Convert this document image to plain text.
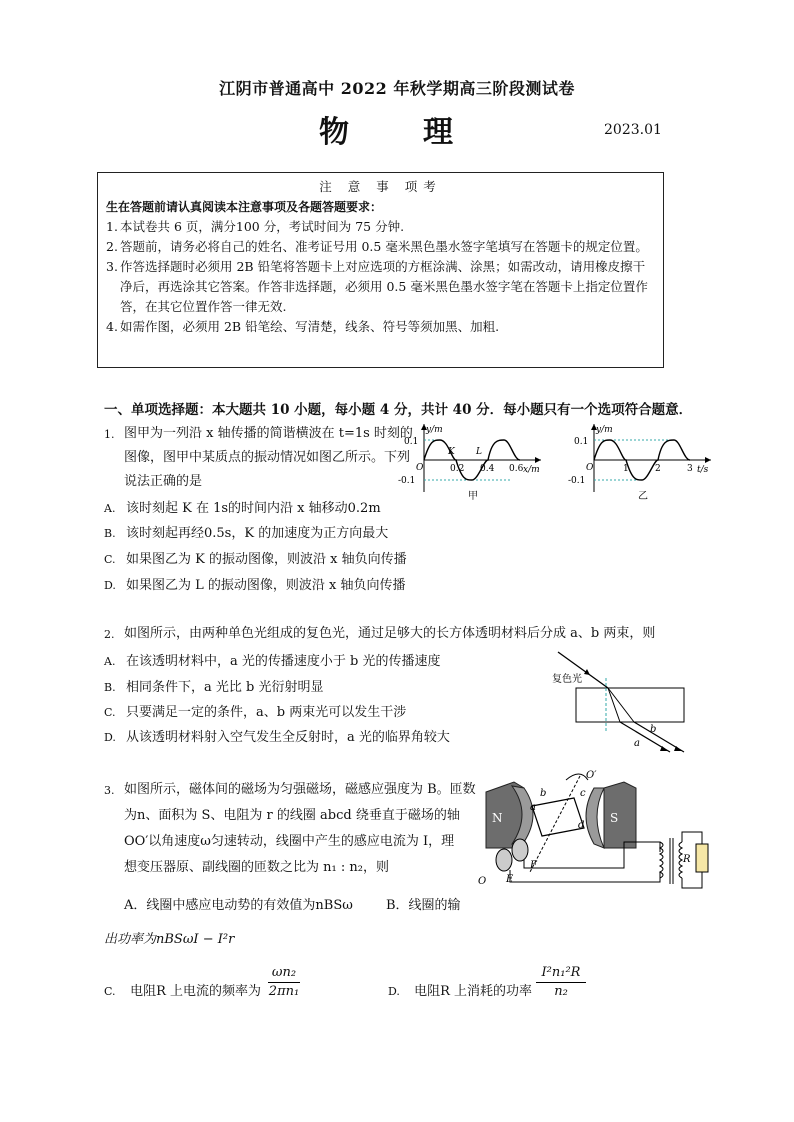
江阴市普通高中 2022 年秋学期高三阶段测试卷
物　理	2023.01
注 意 事 项考
生在答题前请认真阅读本注意事项及各题答题要求：
1. 本试卷共 6 页，满分100 分，考试时间为 75 分钟.
2. 答题前，请务必将自己的姓名、准考证号用 0.5 毫米黑色墨水签字笔填写在答题卡的规定位置。
3. 作答选择题时必须用 2B 铅笔将答题卡上对应选项的方框涂满、涂黑；如需改动，请用橡皮擦干净后，再选涂其它答案。作答非选择题，必须用 0.5 毫米黑色墨水签字笔在答题卡上指定位置作答，在其它位置作答一律无效.
4. 如需作图，必须用 2B 铅笔绘、写清楚，线条、符号等须加黑、加粗.
一、单项选择题：本大题共 10 小题，每小题 4 分，共计 40 分．每小题只有一个选项符合题意．
1. 图甲为一列沿 x 轴传播的简谐横波在 t=1s 时刻的
图像，图甲中某质点的振动情况如图乙所示。下列
说法正确的是
A. 该时刻起 K 在 1s的时间内沿 x 轴移动0.2m
B. 该时刻起再经0.5s，K 的加速度为正方向最大
C. 如果图乙为 K 的振动图像，则波沿 x 轴负向传播
D. 如果图乙为 L 的振动图像，则波沿 x 轴负向传播
y/m
x/m
0.1
-0.1
O	0.2 0.4 0.6
K L
甲
y/m
t/s
0.1
-0.1
O	1	2	3
乙
2. 如图所示，由两种单色光组成的复色光，通过足够大的长方体透明材料后分成 a、b 两束，则
A. 在该透明材料中，a 光的传播速度小于 b 光的传播速度
B. 相同条件下，a 光比 b 光衍射明显
C. 只要满足一定的条件，a、b 两束光可以发生干涉
D. 从该透明材料射入空气发生全反射时，a 光的临界角较大
复色光
a
b
3. 如图所示，磁体间的磁场为匀强磁场，磁感应强度为 B。匝数
为n、面积为 S、电阻为 r 的线圈 abcd 绕垂直于磁场的轴
OO′以角速度ω匀速转动，线圈中产生的感应电流为 I，理
想变压器原、副线圈的匝数之比为 n₁ : n₂，则
A．线圈中感应电动势的有效值为nBSω	B．线圈的输
出功率为nBSωI − I²r
C. 电阻R 上电流的频率为 $\frac{\text{ωn₂}}{\text{2πn₁}}$	D. 电阻R 上消耗的功率 $\frac{\text{I²n₁²R}}{\text{n₂}}$
N	S
O′
O
a
b	c
d
F
E
R
